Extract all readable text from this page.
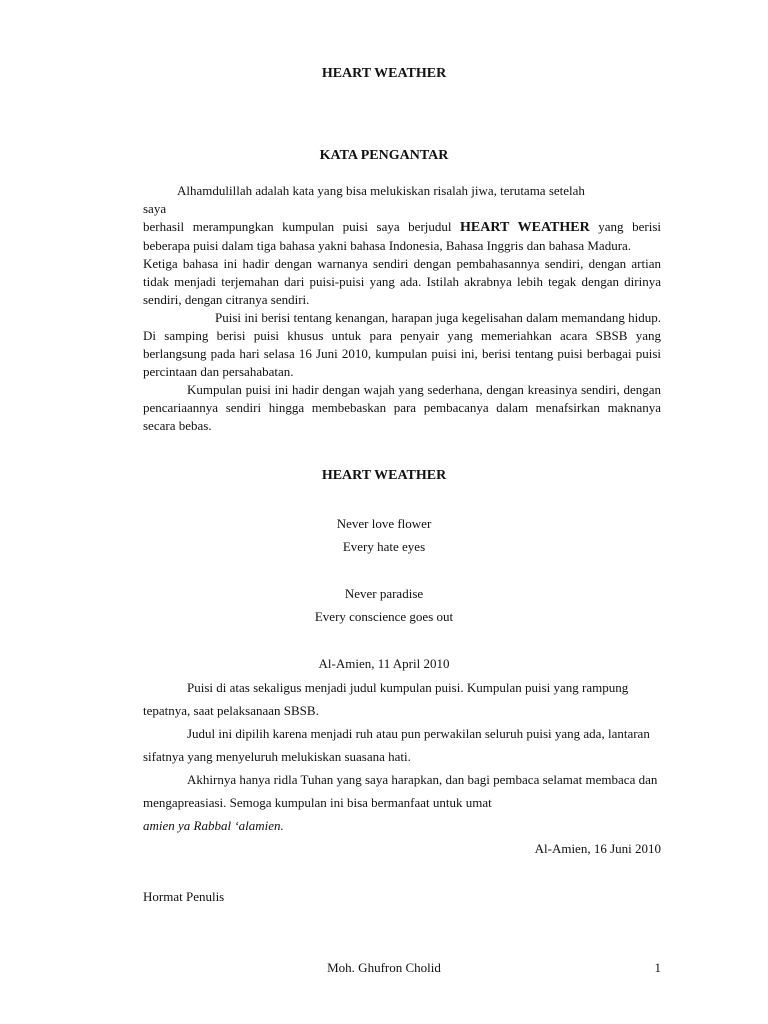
HEART WEATHER
KATA PENGANTAR

Alhamdulillah adalah kata yang bisa melukiskan risalah jiwa, terutama setelah
saya

berhasil merampungkan kumpulan puisi saya berjudul HEART WEATHER yang berisi beberapa puisi dalam tiga bahasa yakni bahasa Indonesia, Bahasa Inggris dan bahasa Madura.

Ketiga bahasa ini hadir dengan warnanya sendiri dengan pembahasannya sendiri, dengan artian tidak menjadi terjemahan dari puisi-puisi yang ada. Istilah akrabnya lebih tegak dengan dirinya sendiri, dengan citranya sendiri.

Puisi ini berisi tentang kenangan, harapan juga kegelisahan dalam memandang hidup. Di samping berisi puisi khusus untuk para penyair yang memeriahkan acara SBSB yang berlangsung pada hari selasa 16 Juni 2010, kumpulan puisi ini, berisi tentang puisi berbagai puisi percintaan dan persahabatan.

Kumpulan puisi ini hadir dengan wajah yang sederhana, dengan kreasinya sendiri, dengan pencariaannya sendiri hingga membebaskan para pembacanya dalam menafsirkan maknanya secara bebas.

HEART WEATHER
Never love flower
Every hate eyes
Never paradise
Every conscience goes out
Al-Amien, 11 April 2010

Puisi di atas sekaligus menjadi judul kumpulan puisi. Kumpulan puisi yang rampung tepatnya, saat pelaksanaan SBSB.

Judul ini dipilih karena menjadi ruh atau pun perwakilan seluruh puisi yang ada, lantaran sifatnya yang menyeluruh melukiskan suasana hati.

Akhirnya hanya ridla Tuhan yang saya harapkan, dan bagi pembaca selamat membaca dan mengapreasiasi. Semoga kumpulan ini bisa bermanfaat untuk umat

amien ya Rabbal ‘alamien.

Al-Amien, 16 Juni 2010

Hormat Penulis

Moh. Ghufron Cholid	1
